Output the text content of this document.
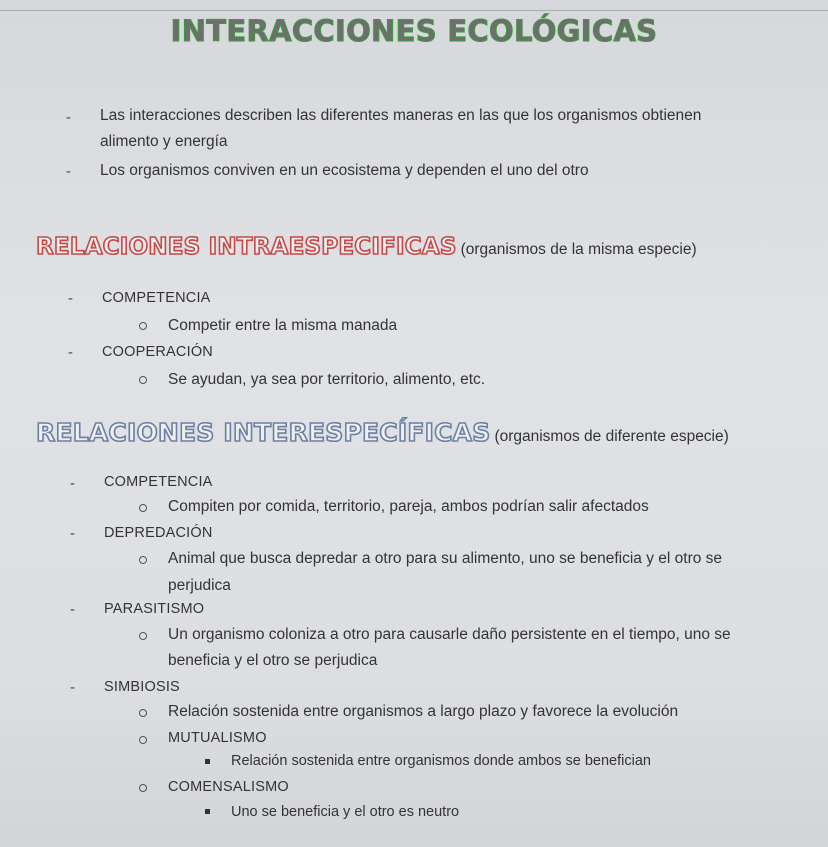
INTERACCIONES ECOLÓGICAS
- Las interacciones describen las diferentes maneras en las que los organismos obtienen
alimento y energía
- Los organismos conviven en un ecosistema y dependen el uno del otro
RELACIONES INTRAESPECIFICAS (organismos de la misma especie)
- COMPETENCIA
Competir entre la misma manada
- COOPERACIÓN
Se ayudan, ya sea por territorio, alimento, etc.
RELACIONES INTERESPECÍFICAS (organismos de diferente especie)
- COMPETENCIA
Compiten por comida, territorio, pareja, ambos podrían salir afectados
- DEPREDACIÓN
Animal que busca depredar a otro para su alimento, uno se beneficia y el otro se
perjudica
- PARASITISMO
Un organismo coloniza a otro para causarle daño persistente en el tiempo, uno se
beneficia y el otro se perjudica
- SIMBIOSIS
Relación sostenida entre organismos a largo plazo y favorece la evolución
MUTUALISMO
Relación sostenida entre organismos donde ambos se benefician
COMENSALISMO
Uno se beneficia y el otro es neutro
